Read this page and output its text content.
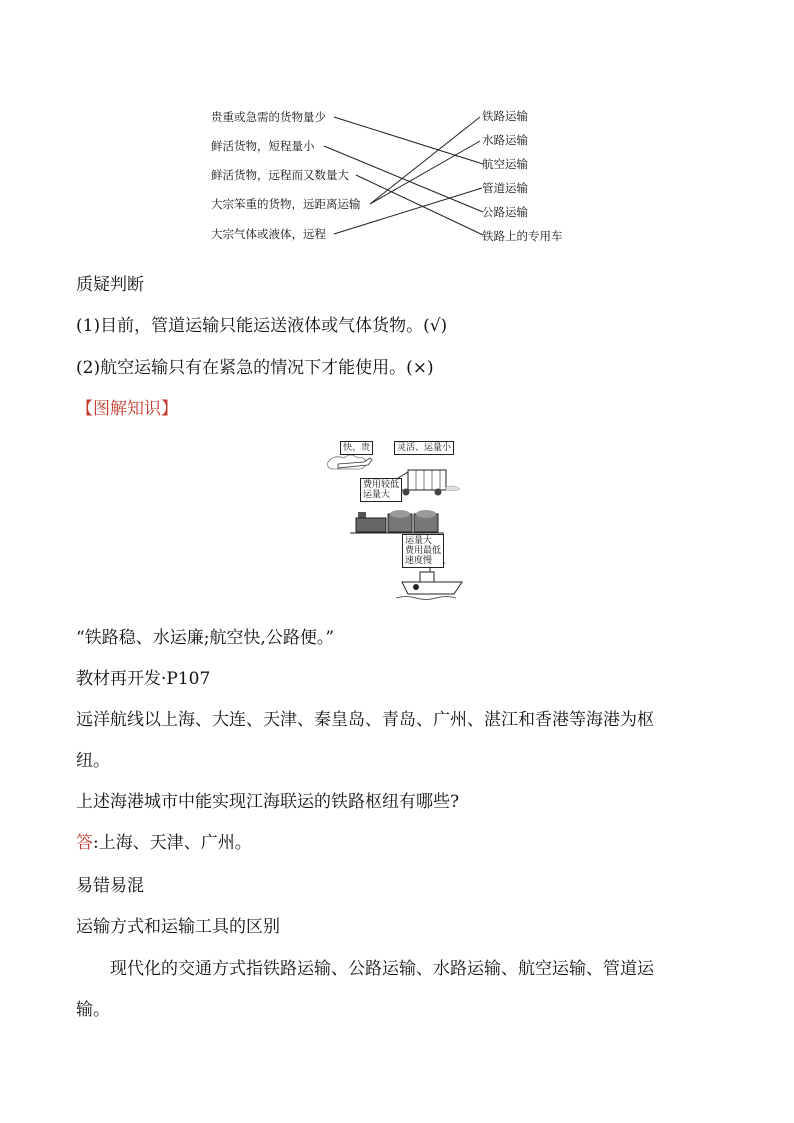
贵重或急需的货物量少
鲜活货物，短程量小
鲜活货物，远程而又数量大
大宗笨重的货物，远距离运输
大宗气体或液体，远程
铁路运输
水路运输
航空运输
管道运输
公路运输
铁路上的专用车
质疑判断
(1)目前，管道运输只能运送液体或气体货物。(√)
(2)航空运输只有在紧急的情况下才能使用。(×)
【图解知识】
快、贵	灵活、运量小
费用较低
运量大
运量大
费用最低
速度慢
“铁路稳、水运廉;航空快,公路便。”
教材再开发·P107
远洋航线以上海、大连、天津、秦皇岛、青岛、广州、湛江和香港等海港为枢
纽。
上述海港城市中能实现江海联运的铁路枢纽有哪些?
答:上海、天津、广州。
易错易混
运输方式和运输工具的区别
现代化的交通方式指铁路运输、公路运输、水路运输、航空运输、管道运
输。
